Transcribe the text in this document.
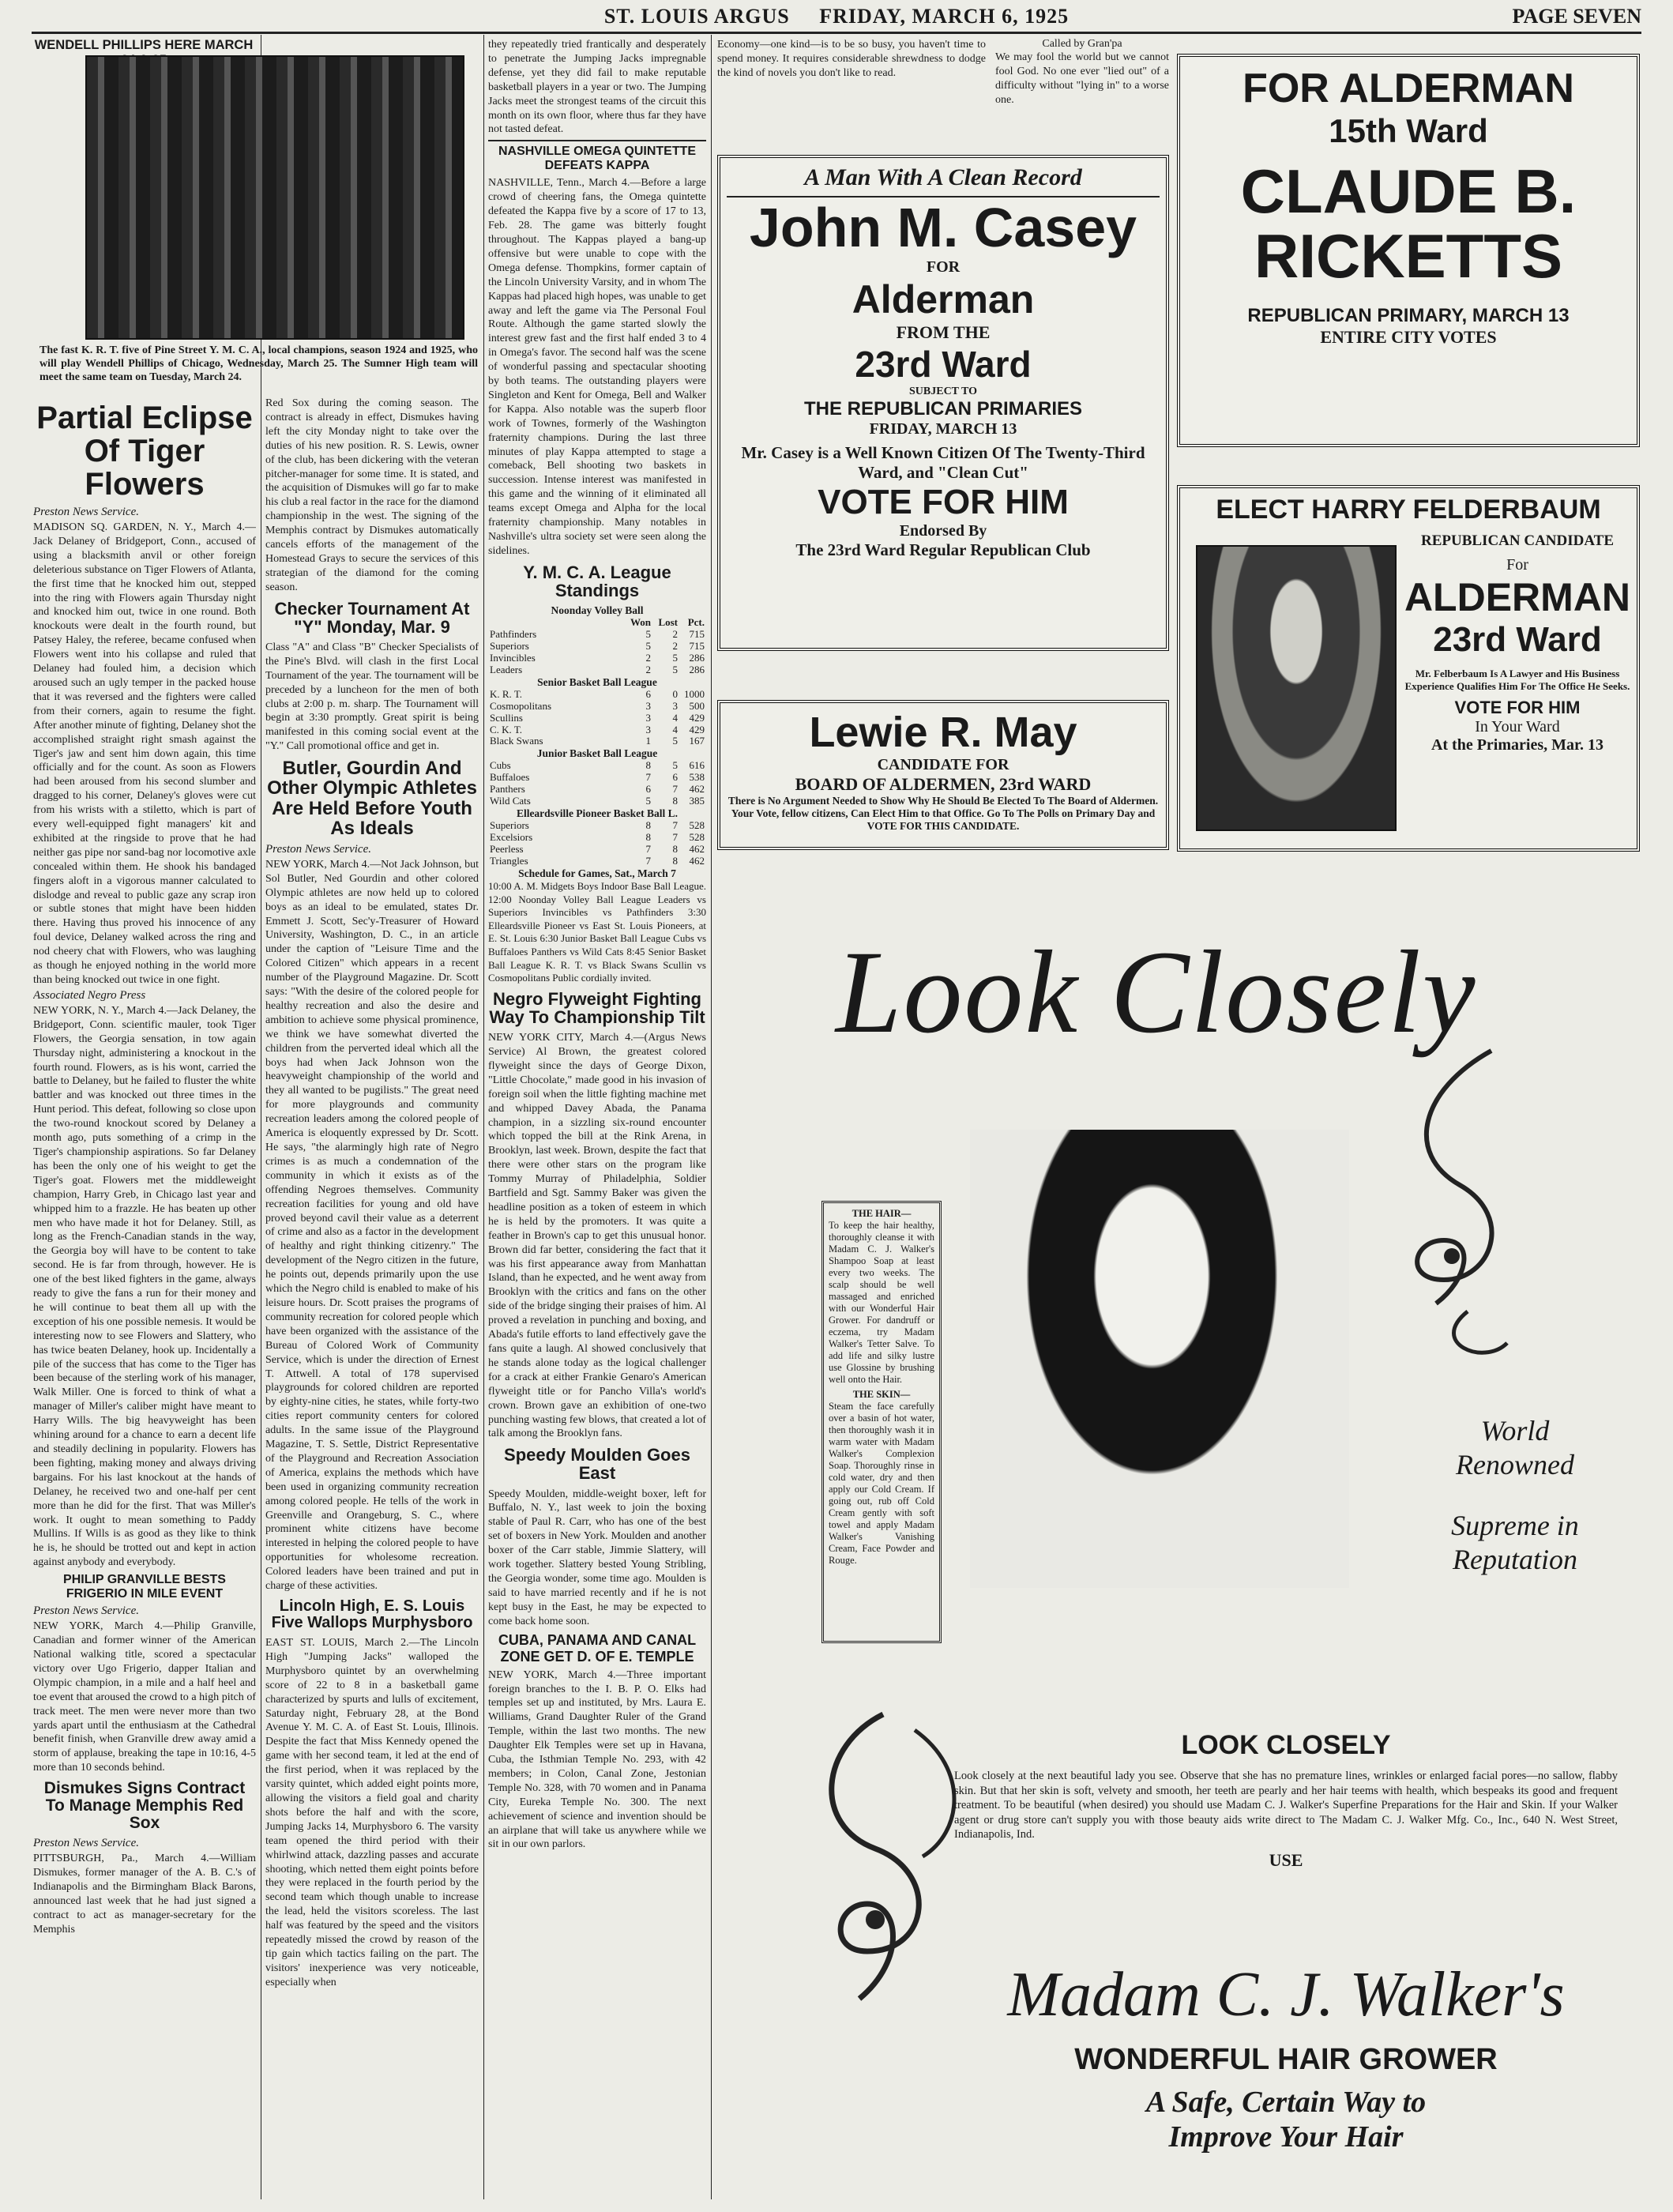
ST. LOUIS ARGUS FRIDAY, MARCH 6, 1925	PAGE SEVEN
WENDELL PHILLIPS HERE MARCH
The fast K. R. T. five of Pine Street Y. M. C. A., local champions, season 1924 and 1925, who will play Wendell Phillips of Chicago, Wednesday, March 25. The Sumner High team will meet the same team on Tuesday, March 24.
Partial Eclipse Of Tiger Flowers
Preston News Service.
MADISON SQ. GARDEN, N. Y., March 4.—Jack Delaney of Bridgeport, Conn., accused of using a blacksmith anvil or other foreign deleterious substance on Tiger Flowers of Atlanta, the first time that he knocked him out, stepped into the ring with Flowers again Thursday night and knocked him out, twice in one round. Both knockouts were dealt in the fourth round, but Patsey Haley, the referee, became confused when Flowers went into his collapse and ruled that Delaney had fouled him, a decision which aroused such an ugly temper in the packed house that it was reversed and the fighters were called from their corners, again to resume the fight. After another minute of fighting, Delaney shot the accomplished straight right smash against the Tiger's jaw and sent him down again, this time officially and for the count. As soon as Flowers had been aroused from his second slumber and dragged to his corner, Delaney's gloves were cut from his wrists with a stiletto, which is part of every well-equipped fight managers' kit and exhibited at the ringside to prove that he had neither gas pipe nor sand-bag nor locomotive axle concealed within them. He shook his bandaged fingers aloft in a vigorous manner calculated to dislodge and reveal to public gaze any scrap iron or subtle stones that might have been hidden there. Having thus proved his innocence of any foul device, Delaney walked across the ring and nod cheery chat with Flowers, who was laughing as though he enjoyed nothing in the world more than being knocked out twice in one fight.
Associated Negro Press
NEW YORK, N. Y., March 4.—Jack Delaney, the Bridgeport, Conn. scientific mauler, took Tiger Flowers, the Georgia sensation, in tow again Thursday night, administering a knockout in the fourth round. Flowers, as is his wont, carried the battle to Delaney, but he failed to fluster the white battler and was knocked out three times in the Hunt period. This defeat, following so close upon the two-round knockout scored by Delaney a month ago, puts something of a crimp in the Tiger's championship aspirations. So far Delaney has been the only one of his weight to get the Tiger's goat. Flowers met the middleweight champion, Harry Greb, in Chicago last year and whipped him to a frazzle. He has beaten up other men who have made it hot for Delaney. Still, as long as the French-Canadian stands in the way, the Georgia boy will have to be content to take second. He is far from through, however. He is one of the best liked fighters in the game, always ready to give the fans a run for their money and he will continue to beat them all up with the exception of his one possible nemesis. It would be interesting now to see Flowers and Slattery, who has twice beaten Delaney, hook up. Incidentally a pile of the success that has come to the Tiger has been because of the sterling work of his manager, Walk Miller. One is forced to think of what a manager of Miller's caliber might have meant to Harry Wills. The big heavyweight has been whining around for a chance to earn a decent life and steadily declining in popularity. Flowers has been fighting, making money and always driving bargains. For his last knockout at the hands of Delaney, he received two and one-half per cent more than he did for the first. That was Miller's work. It ought to mean something to Paddy Mullins. If Wills is as good as they like to think he is, he should be trotted out and kept in action against anybody and everybody.
PHILIP GRANVILLE BESTS FRIGERIO IN MILE EVENT
Preston News Service.
NEW YORK, March 4.—Philip Granville, Canadian and former winner of the American National walking title, scored a spectacular victory over Ugo Frigerio, dapper Italian and Olympic champion, in a mile and a half heel and toe event that aroused the crowd to a high pitch of track meet. The men were never more than two yards apart until the enthusiasm at the Cathedral benefit finish, when Granville drew away amid a storm of applause, breaking the tape in 10:16, 4-5 more than 10 seconds behind.
Dismukes Signs Contract To Manage Memphis Red Sox
Preston News Service.
PITTSBURGH, Pa., March 4.—William Dismukes, former manager of the A. B. C.'s of Indianapolis and the Birmingham Black Barons, announced last week that he had just signed a contract to act as manager-secretary for the Memphis
Red Sox during the coming season. The contract is already in effect, Dismukes having left the city Monday night to take over the duties of his new position. R. S. Lewis, owner of the club, has been dickering with the veteran pitcher-manager for some time. It is stated, and the acquisition of Dismukes will go far to make his club a real factor in the race for the diamond championship in the west. The signing of the Memphis contract by Dismukes automatically cancels efforts of the management of the Homestead Grays to secure the services of this strategian of the diamond for the coming season.
Checker Tournament At "Y" Monday, Mar. 9
Class "A" and Class "B" Checker Specialists of the Pine's Blvd. will clash in the first Local Tournament of the year. The tournament will be preceded by a luncheon for the men of both clubs at 2:00 p. m. sharp. The Tournament will begin at 3:30 promptly. Great spirit is being manifested in this coming social event at the "Y." Call promotional office and get in.
Butler, Gourdin And Other Olympic Athletes Are Held Before Youth As Ideals
Preston News Service.
NEW YORK, March 4.—Not Jack Johnson, but Sol Butler, Ned Gourdin and other colored Olympic athletes are now held up to colored boys as an ideal to be emulated, states Dr. Emmett J. Scott, Sec'y-Treasurer of Howard University, Washington, D. C., in an article under the caption of "Leisure Time and the Colored Citizen" which appears in a recent number of the Playground Magazine. Dr. Scott says: "With the desire of the colored people for healthy recreation and also the desire and ambition to achieve some physical prominence, we think we have somewhat diverted the children from the perverted ideal which all the boys had when Jack Johnson won the heavyweight championship of the world and they all wanted to be pugilists." The great need for more playgrounds and community recreation leaders among the colored people of America is eloquently expressed by Dr. Scott. He says, "the alarmingly high rate of Negro crimes is as much a condemnation of the community in which it exists as of the offending Negroes themselves. Community recreation facilities for young and old have proved beyond cavil their value as a deterrent of crime and also as a factor in the development of healthy and right thinking citizenry." The development of the Negro citizen in the future, he points out, depends primarily upon the use which the Negro child is enabled to make of his leisure hours. Dr. Scott praises the programs of community recreation for colored people which have been organized with the assistance of the Bureau of Colored Work of Community Service, which is under the direction of Ernest T. Attwell. A total of 178 supervised playgrounds for colored children are reported by eighty-nine cities, he states, while forty-two cities report community centers for colored adults. In the same issue of the Playground Magazine, T. S. Settle, District Representative of the Playground and Recreation Association of America, explains the methods which have been used in organizing community recreation among colored people. He tells of the work in Greenville and Orangeburg, S. C., where prominent white citizens have become interested in helping the colored people to have opportunities for wholesome recreation. Colored leaders have been trained and put in charge of these activities.
Lincoln High, E. S. Louis Five Wallops Murphysboro
EAST ST. LOUIS, March 2.—The Lincoln High "Jumping Jacks" walloped the Murphysboro quintet by an overwhelming score of 22 to 8 in a basketball game characterized by spurts and lulls of excitement, Saturday night, February 28, at the Bond Avenue Y. M. C. A. of East St. Louis, Illinois. Despite the fact that Miss Kennedy opened the game with her second team, it led at the end of the first period, when it was replaced by the varsity quintet, which added eight points more, allowing the visitors a field goal and charity shots before the half and with the score, Jumping Jacks 14, Murphysboro 6. The varsity team opened the third period with their whirlwind attack, dazzling passes and accurate shooting, which netted them eight points before they were replaced in the fourth period by the second team which though unable to increase the lead, held the visitors scoreless. The last half was featured by the speed and the visitors repeatedly missed the crowd by reason of the tip gain which tactics failing on the part. The visitors' inexperience was very noticeable, especially when
they repeatedly tried frantically and desperately to penetrate the Jumping Jacks impregnable defense, yet they did fail to make reputable basketball players in a year or two. The Jumping Jacks meet the strongest teams of the circuit this month on its own floor, where thus far they have not tasted defeat.
NASHVILLE OMEGA QUINTETTE DEFEATS KAPPA
NASHVILLE, Tenn., March 4.—Before a large crowd of cheering fans, the Omega quintette defeated the Kappa five by a score of 17 to 13, Feb. 28. The game was bitterly fought throughout. The Kappas played a bang-up offensive but were unable to cope with the Omega defense. Thompkins, former captain of the Lincoln University Varsity, and in whom The Kappas had placed high hopes, was unable to get away and left the game via The Personal Foul Route. Although the game started slowly the interest grew fast and the first half ended 3 to 4 in Omega's favor. The second half was the scene of wonderful passing and spectacular shooting by both teams. The outstanding players were Singleton and Kent for Omega, Bell and Walker for Kappa. Also notable was the superb floor work of Townes, formerly of the Washington fraternity champions. During the last three minutes of play Kappa attempted to stage a comeback, Bell shooting two baskets in succession. Intense interest was manifested in this game and the winning of it eliminated all teams except Omega and Alpha for the local fraternity championship. Many notables in Nashville's ultra society set were seen along the sidelines.
Y. M. C. A. League Standings
Noonday Volley Ball
	Won	Lost	Pct.
Pathfinders	5	2	715
Superiors	5	2	715
Invincibles	2	5	286
Leaders	2	5	286
Senior Basket Ball League

K. R. T.	6	0	1000
Cosmopolitans	3	3	500
Scullins	3	4	429
C. K. T.	3	4	429
Black Swans	1	5	167
Junior Basket Ball League

Cubs	8	5	616
Buffaloes	7	6	538
Panthers	6	7	462
Wild Cats	5	8	385
Elleardsville Pioneer Basket Ball L.

Superiors	8	7	528
Excelsiors	8	7	528
Peerless	7	8	462
Triangles	7	8	462
Schedule for Games, Sat., March 7
10:00 A. M. Midgets Boys Indoor Base Ball League. 12:00 Noonday Volley Ball League Leaders vs Superiors Invincibles vs Pathfinders 3:30 Elleardsville Pioneer vs East St. Louis Pioneers, at E. St. Louis 6:30 Junior Basket Ball League Cubs vs Buffaloes Panthers vs Wild Cats 8:45 Senior Basket Ball League K. R. T. vs Black Swans Scullin vs Cosmopolitans Public cordially invited.
Negro Flyweight Fighting Way To Championship Tilt
NEW YORK CITY, March 4.—(Argus News Service) Al Brown, the greatest colored flyweight since the days of George Dixon, "Little Chocolate," made good in his invasion of foreign soil when the little fighting machine met and whipped Davey Abada, the Panama champion, in a sizzling six-round encounter which topped the bill at the Rink Arena, in Brooklyn, last week. Brown, despite the fact that there were other stars on the program like Tommy Murray of Philadelphia, Soldier Bartfield and Sgt. Sammy Baker was given the headline position as a token of esteem in which he is held by the promoters. It was quite a feather in Brown's cap to get this unusual honor. Brown did far better, considering the fact that it was his first appearance away from Manhattan Island, than he expected, and he went away from Brooklyn with the critics and fans on the other side of the bridge singing their praises of him. Al proved a revelation in punching and boxing, and Abada's futile efforts to land effectively gave the fans quite a laugh. Al showed conclusively that he stands alone today as the logical challenger for a crack at either Frankie Genaro's American flyweight title or for Pancho Villa's world's crown. Brown gave an exhibition of one-two punching wasting few blows, that created a lot of talk among the Brooklyn fans.
Speedy Moulden Goes East
Speedy Moulden, middle-weight boxer, left for Buffalo, N. Y., last week to join the boxing stable of Paul R. Carr, who has one of the best set of boxers in New York. Moulden and another boxer of the Carr stable, Jimmie Slattery, will work together. Slattery bested Young Stribling, the Georgia wonder, some time ago. Moulden is said to have married recently and if he is not kept busy in the East, he may be expected to come back home soon.
CUBA, PANAMA AND CANAL ZONE GET D. OF E. TEMPLE
NEW YORK, March 4.—Three important foreign branches to the I. B. P. O. Elks had temples set up and instituted, by Mrs. Laura E. Williams, Grand Daughter Ruler of the Grand Temple, within the last two months. The new Daughter Elk Temples were set up in Havana, Cuba, the Isthmian Temple No. 293, with 42 members; in Colon, Canal Zone, Jestonian Temple No. 328, with 70 women and in Panama City, Eureka Temple No. 300. The next achievement of science and invention should be an airplane that will take us anywhere while we sit in our own parlors.
Economy—one kind—is to be so busy, you haven't time to spend money. It requires considerable shrewdness to dodge the kind of novels you don't like to read.
Called by Gran'pa
We may fool the world but we cannot fool God. No one ever "lied out" of a difficulty without "lying in" to a worse one.
A Man With A Clean Record
John M. Casey
FOR
Alderman
FROM THE
23rd Ward
SUBJECT TO
THE REPUBLICAN PRIMARIES
FRIDAY, MARCH 13
Mr. Casey is a Well Known Citizen Of The Twenty-Third Ward, and "Clean Cut"
VOTE FOR HIM
Endorsed By
The 23rd Ward Regular Republican Club
Lewie R. May
CANDIDATE FOR
BOARD OF ALDERMEN, 23rd WARD
There is No Argument Needed to Show Why He Should Be Elected To The Board of Aldermen. Your Vote, fellow citizens, Can Elect Him to that Office. Go To The Polls on Primary Day and VOTE FOR THIS CANDIDATE.
FOR ALDERMAN
15th Ward
CLAUDE B.
RICKETTS
REPUBLICAN PRIMARY, MARCH 13
ENTIRE CITY VOTES
ELECT HARRY FELDERBAUM
REPUBLICAN CANDIDATE
For
ALDERMAN
23rd Ward
Mr. Felberbaum Is A Lawyer and His Business Experience Qualifies Him For The Office He Seeks.
VOTE FOR HIM
In Your Ward
At the Primaries, Mar. 13
Look Closely
THE HAIR—
To keep the hair healthy, thoroughly cleanse it with Madam C. J. Walker's Shampoo Soap at least every two weeks. The scalp should be well massaged and enriched with our Wonderful Hair Grower. For dandruff or eczema, try Madam Walker's Tetter Salve. To add life and silky lustre use Glossine by brushing well onto the Hair.
THE SKIN—
Steam the face carefully over a basin of hot water, then thoroughly wash it in warm water with Madam Walker's Complexion Soap. Thoroughly rinse in cold water, dry and then apply our Cold Cream. If going out, rub off Cold Cream gently with soft towel and apply Madam Walker's Vanishing Cream, Face Powder and Rouge.
World
Renowned
Supreme in
Reputation
LOOK CLOSELY
Look closely at the next beautiful lady you see. Observe that she has no premature lines, wrinkles or enlarged facial pores—no sallow, flabby skin. But that her skin is soft, velvety and smooth, her teeth are pearly and her hair teems with health, which bespeaks its good and frequent treatment. To be beautiful (when desired) you should use Madam C. J. Walker's Superfine Preparations for the Hair and Skin. If your Walker agent or drug store can't supply you with those beauty aids write direct to The Madam C. J. Walker Mfg. Co., Inc., 640 N. West Street, Indianapolis, Ind.
USE
Madam C. J. Walker's
WONDERFUL HAIR GROWER
A Safe, Certain Way to
Improve Your Hair
